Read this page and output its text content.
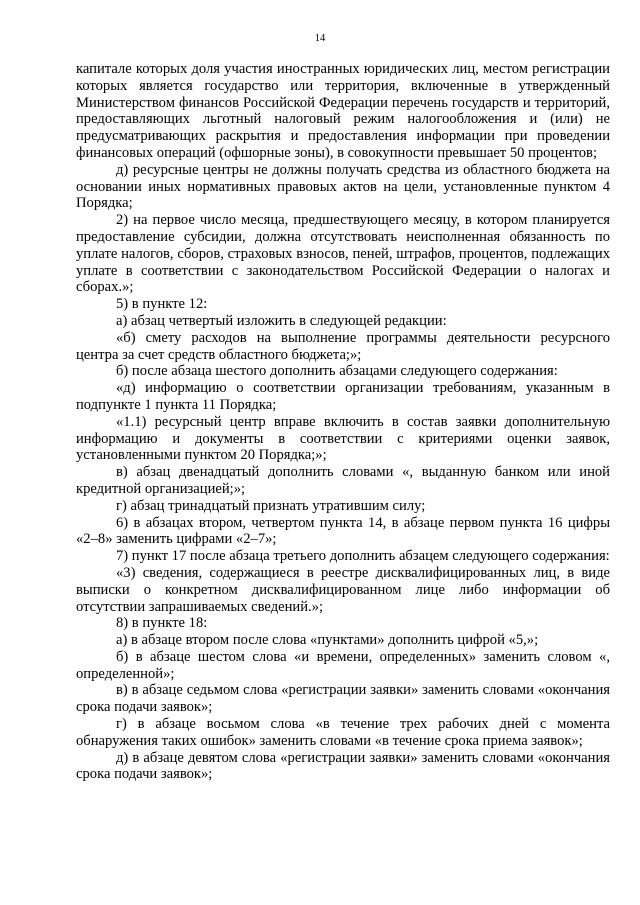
14

капитале которых доля участия иностранных юридических лиц, местом регистрации которых является государство или территория, включенные в утвержденный Министерством финансов Российской Федерации перечень государств и территорий, предоставляющих льготный налоговый режим налогообложения и (или) не предусматривающих раскрытия и предоставления информации при проведении финансовых операций (офшорные зоны), в совокупности превышает 50 процентов;

д) ресурсные центры не должны получать средства из областного бюджета на основании иных нормативных правовых актов на цели, установленные пунктом 4 Порядка;

2) на первое число месяца, предшествующего месяцу, в котором планируется предоставление субсидии, должна отсутствовать неисполненная обязанность по уплате налогов, сборов, страховых взносов, пеней, штрафов, процентов, подлежащих уплате в соответствии с законодательством Российской Федерации о налогах и сборах.»;

5) в пункте 12:

а) абзац четвертый изложить в следующей редакции:

«б) смету расходов на выполнение программы деятельности ресурсного центра за счет средств областного бюджета;»;

б) после абзаца шестого дополнить абзацами следующего содержания:

«д) информацию о соответствии организации требованиям, указанным в подпункте 1 пункта 11 Порядка;

«1.1) ресурсный центр вправе включить в состав заявки дополнительную информацию и документы в соответствии с критериями оценки заявок, установленными пунктом 20 Порядка;»;

в) абзац двенадцатый дополнить словами «, выданную банком или иной кредитной организацией;»;

г) абзац тринадцатый признать утратившим силу;

6) в абзацах втором, четвертом пункта 14, в абзаце первом пункта 16 цифры «2–8» заменить цифрами «2–7»;

7) пункт 17 после абзаца третьего дополнить абзацем следующего содержания:

«3) сведения, содержащиеся в реестре дисквалифицированных лиц, в виде выписки о конкретном дисквалифицированном лице либо информации об отсутствии запрашиваемых сведений.»;

8) в пункте 18:

а) в абзаце втором после слова «пунктами» дополнить цифрой «5,»;

б) в абзаце шестом слова «и времени, определенных» заменить словом «, определенной»;

в) в абзаце седьмом слова «регистрации заявки» заменить словами «окончания срока подачи заявок»;

г) в абзаце восьмом слова «в течение трех рабочих дней с момента обнаружения таких ошибок» заменить словами «в течение срока приема заявок»;

д) в абзаце девятом слова «регистрации заявки» заменить словами «окончания срока подачи заявок»;
